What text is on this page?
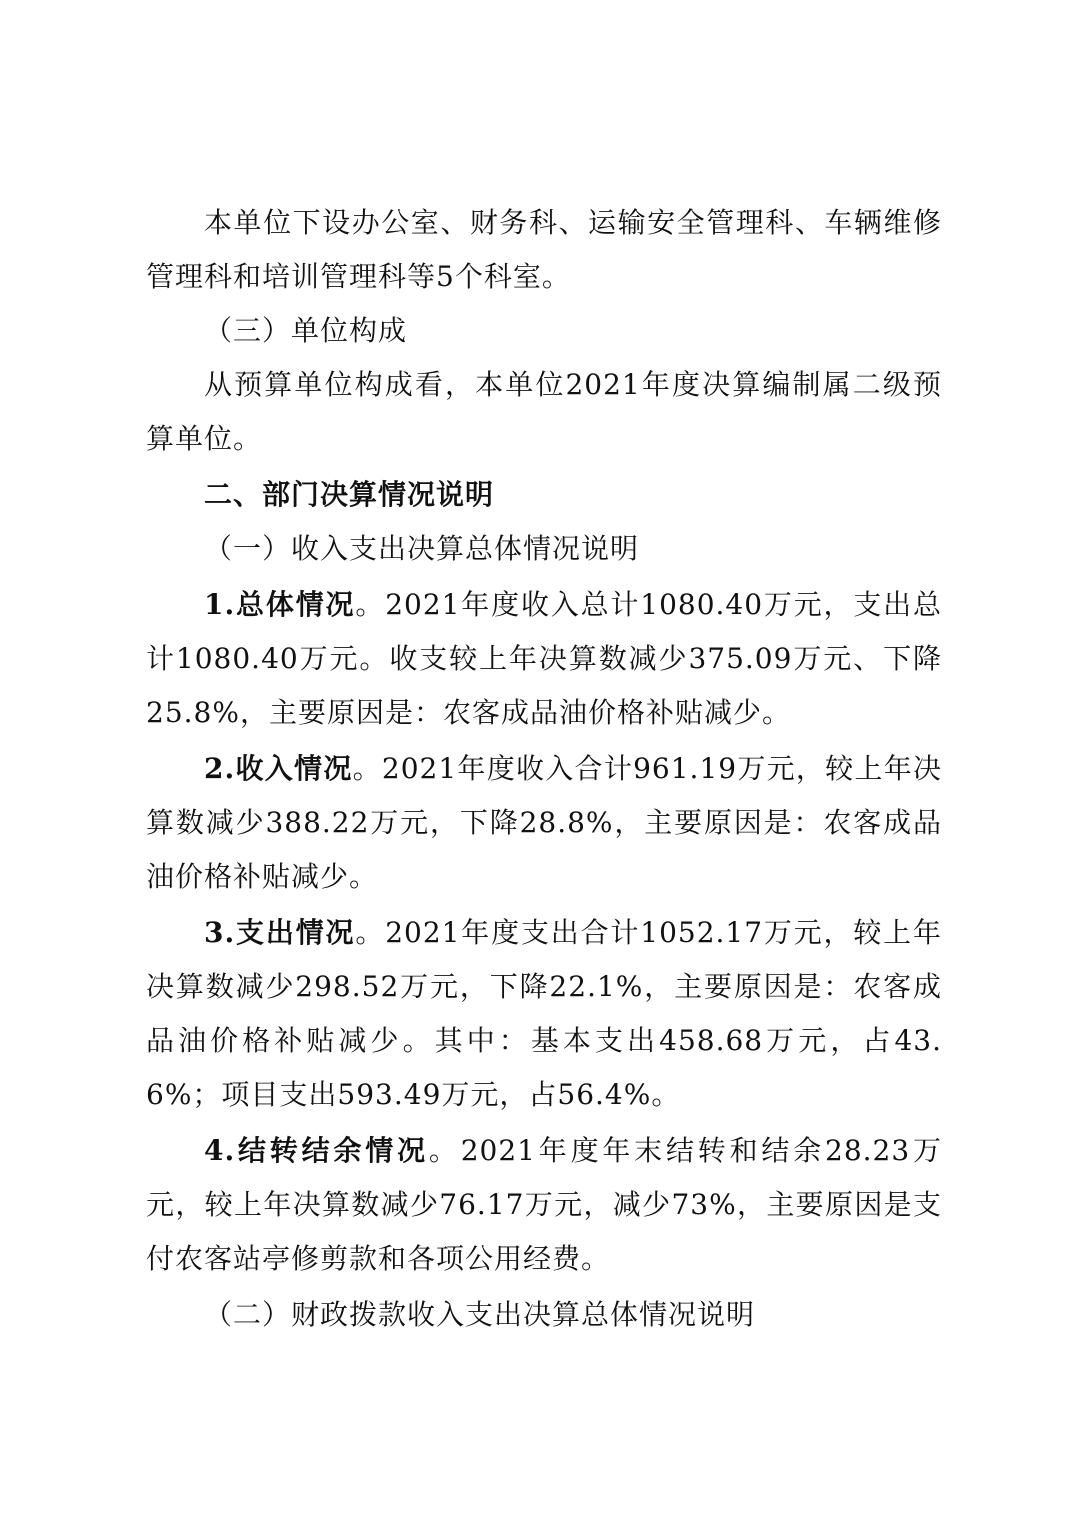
本单位下设办公室、财务科、运输安全管理科、车辆维修管理科和培训管理科等5个科室。

（三）单位构成

从预算单位构成看，本单位2021年度决算编制属二级预算单位。

二、部门决算情况说明

（一）收入支出决算总体情况说明

1.总体情况。2021年度收入总计1080.40万元，支出总计1080.40万元。收支较上年决算数减少375.09万元、下降25.8%，主要原因是：农客成品油价格补贴减少。

2.收入情况。2021年度收入合计961.19万元，较上年决算数减少388.22万元，下降28.8%，主要原因是：农客成品油价格补贴减少。

3.支出情况。2021年度支出合计1052.17万元，较上年决算数减少298.52万元，下降22.1%，主要原因是：农客成品油价格补贴减少。其中：基本支出458.68万元，占43.6%；项目支出593.49万元，占56.4%。

4.结转结余情况。2021年度年末结转和结余28.23万元，较上年决算数减少76.17万元，减少73%，主要原因是支付农客站亭修剪款和各项公用经费。

（二）财政拨款收入支出决算总体情况说明
